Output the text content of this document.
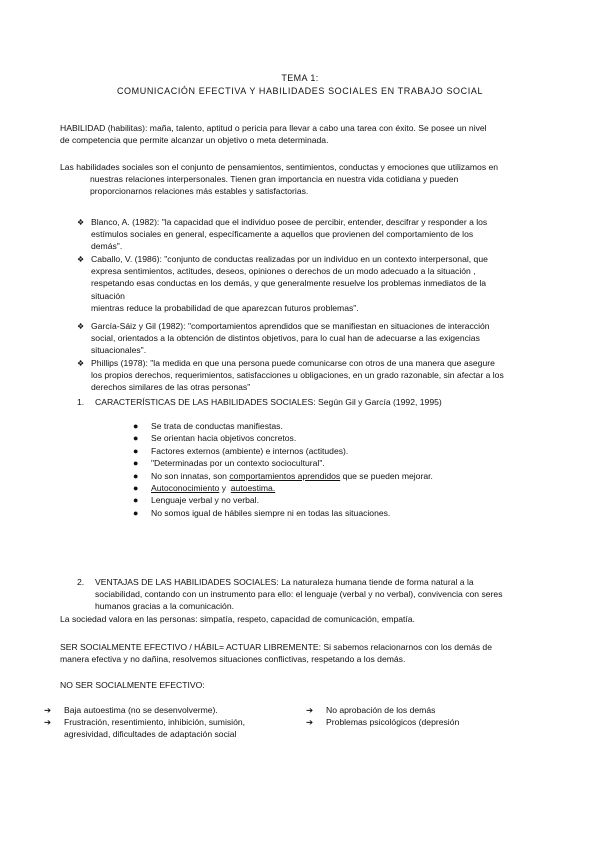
TEMA 1:
COMUNICACIÓN EFECTIVA Y HABILIDADES SOCIALES EN TRABAJO SOCIAL
HABILIDAD (habilitas): maña, talento, aptitud o pericia para llevar a cabo una tarea con éxito. Se posee un nivel
de competencia que permite alcanzar un objetivo o meta determinada.
Las habilidades sociales son el conjunto de pensamientos, sentimientos, conductas y emociones que utilizamos en
nuestras relaciones interpersonales. Tienen gran importancia en nuestra vida cotidiana y pueden
proporcionarnos relaciones más estables y satisfactorias.
❖ Blanco, A. (1982): "la capacidad que el individuo posee de percibir, entender, descifrar y responder a los
estímulos sociales en general, específicamente a aquellos que provienen del comportamiento de los
demás".
❖ Caballo, V. (1986): "conjunto de conductas realizadas por un individuo en un contexto interpersonal, que
expresa sentimientos, actitudes, deseos, opiniones o derechos de un modo adecuado a la situación ,
respetando esas conductas en los demás, y que generalmente resuelve los problemas inmediatos de la
situación
mientras reduce la probabilidad de que aparezcan futuros problemas".
❖ García-Sáiz y Gil (1982): "comportamientos aprendidos que se manifiestan en situaciones de interacción
social, orientados a la obtención de distintos objetivos, para lo cual han de adecuarse a las exigencias
situacionales".
❖ Phillips (1978): "la medida en que una persona puede comunicarse con otros de una manera que asegure
los propios derechos, requerimientos, satisfacciones u obligaciones, en un grado razonable, sin afectar a los
derechos similares de las otras personas"
1. CARACTERÍSTICAS DE LAS HABILIDADES SOCIALES: Según Gil y García (1992, 1995)
● Se trata de conductas manifiestas.
● Se orientan hacia objetivos concretos.
● Factores externos (ambiente) e internos (actitudes).
● "Determinadas por un contexto sociocultural".
● No son innatas, son comportamientos aprendidos que se pueden mejorar.
● Autoconocimiento y  autoestima.
● Lenguaje verbal y no verbal.
● No somos igual de hábiles siempre ni en todas las situaciones.
2. VENTAJAS DE LAS HABILIDADES SOCIALES: La naturaleza humana tiende de forma natural a la
sociabilidad, contando con un instrumento para ello: el lenguaje (verbal y no verbal), convivencia con seres
humanos gracias a la comunicación.
La sociedad valora en las personas: simpatía, respeto, capacidad de comunicación, empatía.
SER SOCIALMENTE EFECTIVO / HÁBIL= ACTUAR LIBREMENTE: Si sabemos relacionarnos con los demás de
manera efectiva y no dañina, resolvemos situaciones conflictivas, respetando a los demás.
NO SER SOCIALMENTE EFECTIVO:
➔ Baja autoestima (no se desenvolverme).
➔ Frustración, resentimiento, inhibición, sumisión,
agresividad, dificultades de adaptación social
➔ No aprobación de los demás
➔ Problemas psicológicos (depresión
